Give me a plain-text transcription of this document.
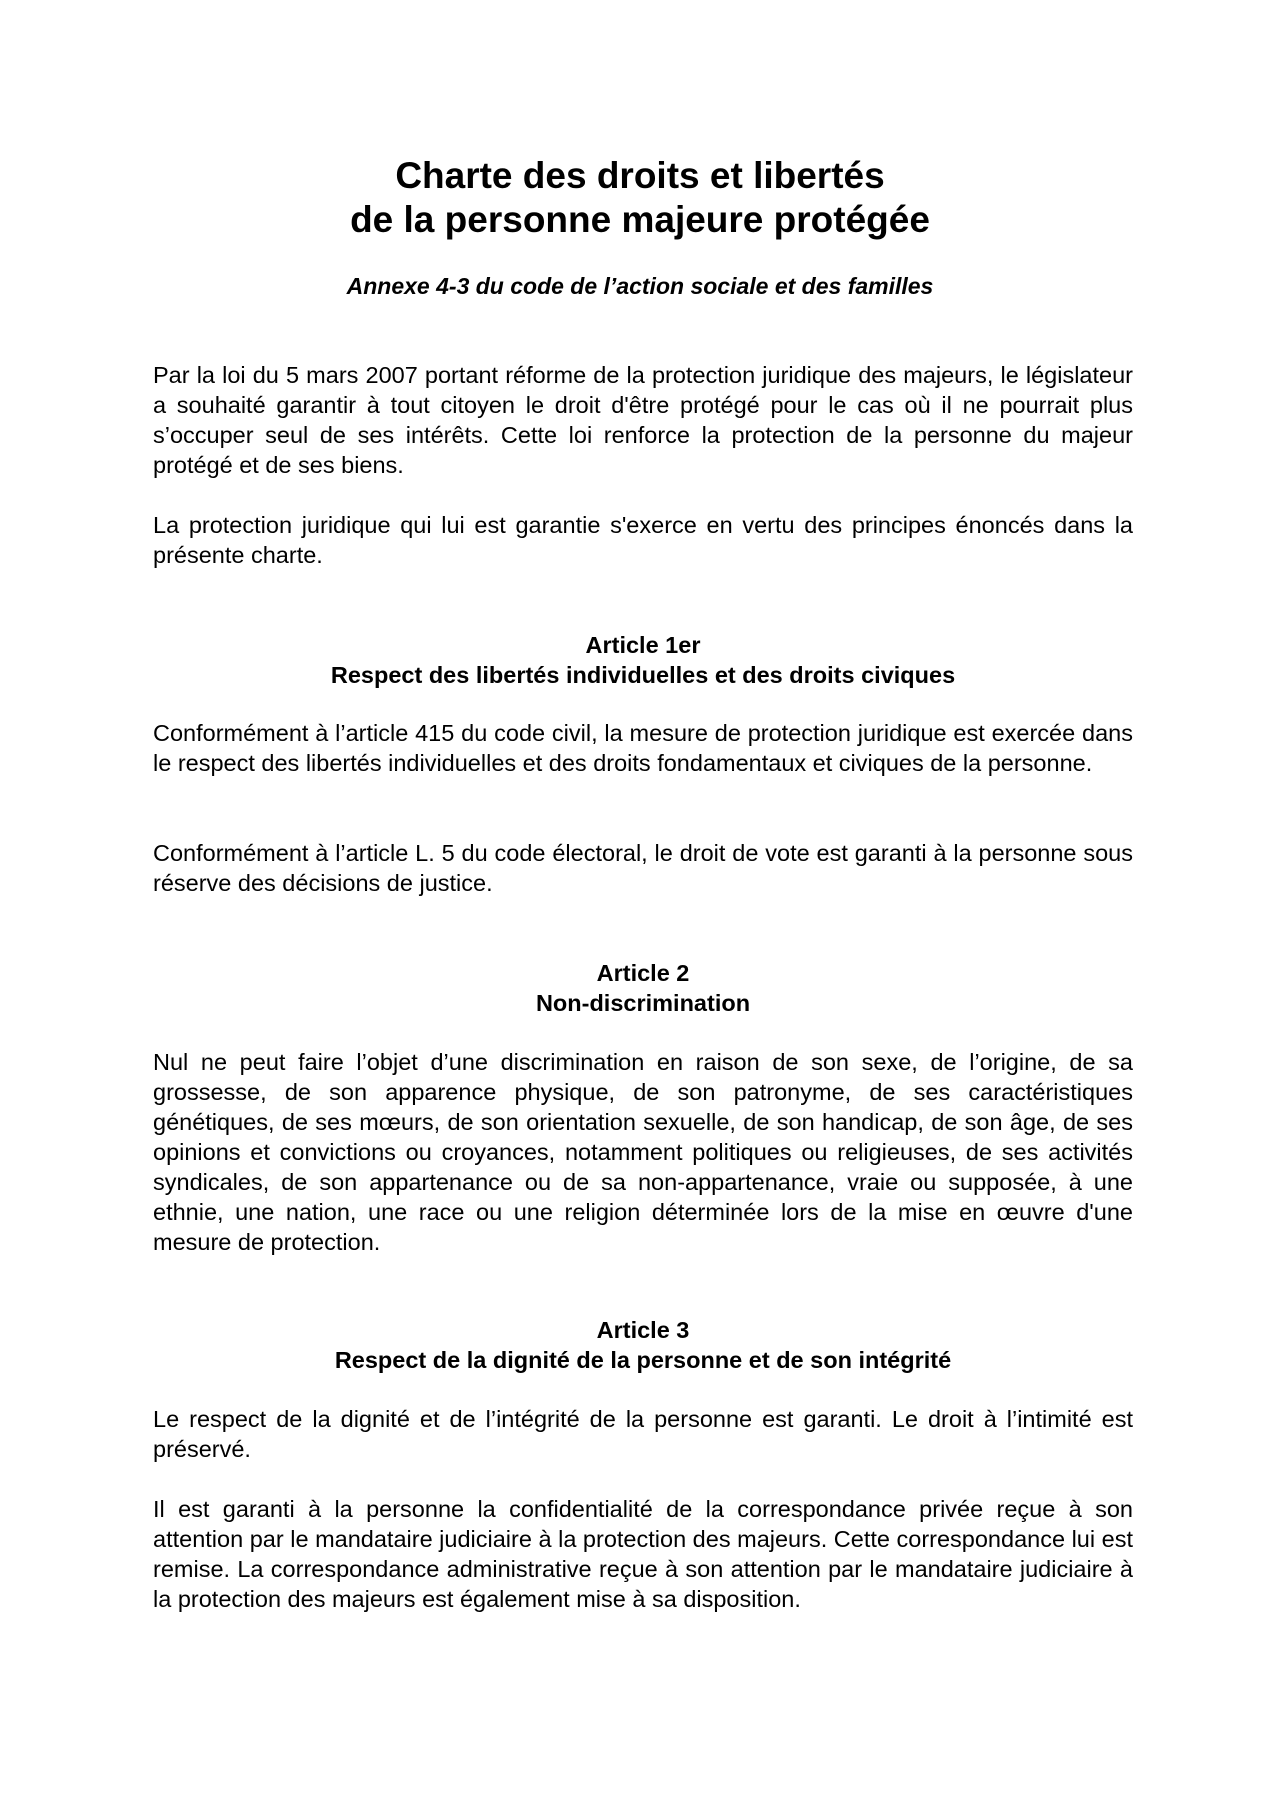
Charte des droits et libertés
de la personne majeure protégée

Annexe 4-3 du code de l’action sociale et des familles

Par la loi du 5 mars 2007 portant réforme de la protection juridique des majeurs, le législateur a souhaité garantir à tout citoyen le droit d'être protégé pour le cas où il ne pourrait plus s’occuper seul de ses intérêts. Cette loi renforce la protection de la personne du majeur protégé et de ses biens.

La protection juridique qui lui est garantie s'exerce en vertu des principes énoncés dans la présente charte.

Article 1er
Respect des libertés individuelles et des droits civiques

Conformément à l’article 415 du code civil, la mesure de protection juridique est exercée dans le respect des libertés individuelles et des droits fondamentaux et civiques de la personne.

Conformément à l’article L. 5 du code électoral, le droit de vote est garanti à la personne sous réserve des décisions de justice.

Article 2
Non-discrimination

Nul ne peut faire l’objet d’une discrimination en raison de son sexe, de l’origine, de sa grossesse, de son apparence physique, de son patronyme, de ses caractéristiques génétiques, de ses mœurs, de son orientation sexuelle, de son handicap, de son âge, de ses opinions et convictions ou croyances, notamment politiques ou religieuses, de ses activités syndicales, de son appartenance ou de sa non-appartenance, vraie ou supposée, à une ethnie, une nation, une race ou une religion déterminée lors de la mise en œuvre d'une mesure de protection.

Article 3
Respect de la dignité de la personne et de son intégrité

Le respect de la dignité et de l’intégrité de la personne est garanti. Le droit à l’intimité est préservé.

Il est garanti à la personne la confidentialité de la correspondance privée reçue à son attention par le mandataire judiciaire à la protection des majeurs. Cette correspondance lui est remise. La correspondance administrative reçue à son attention par le mandataire judiciaire à la protection des majeurs est également mise à sa disposition.
